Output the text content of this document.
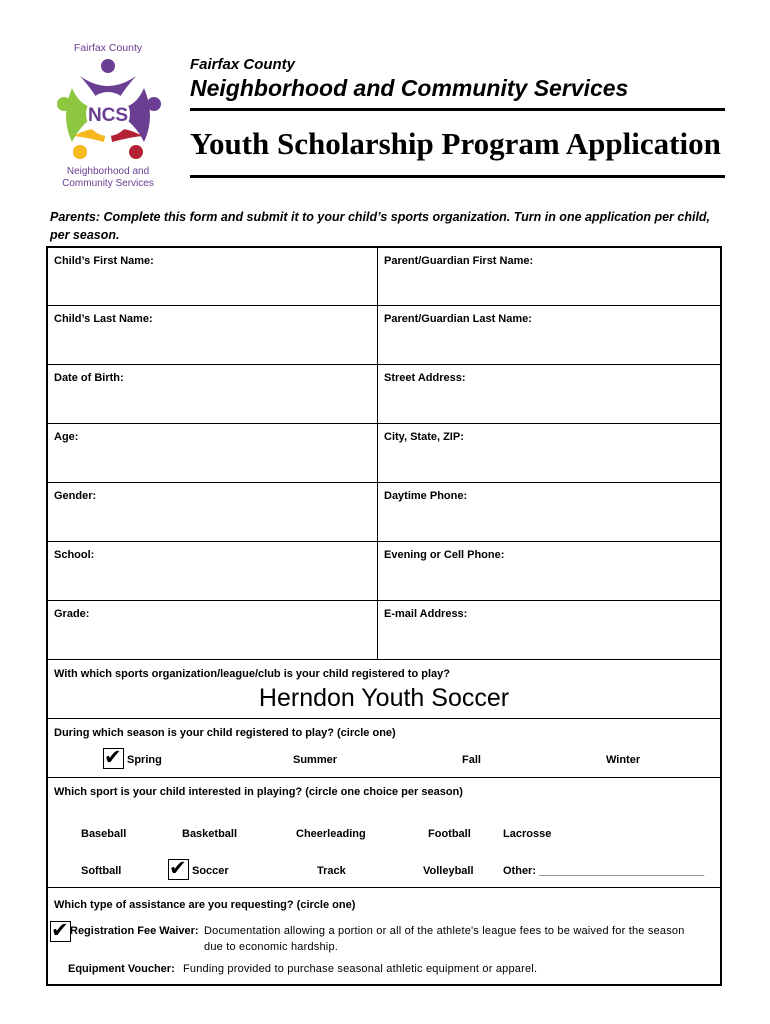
Fairfax County
NCS
Neighborhood and Community Services
Fairfax County
Neighborhood and Community Services
Youth Scholarship Program Application
Parents: Complete this form and submit it to your child’s sports organization. Turn in one application per child, per season.
Child’s First Name:	Parent/Guardian First Name:
Child’s Last Name:	Parent/Guardian Last Name:
Date of Birth:	Street Address:
Age:	City, State, ZIP:
Gender:	Daytime Phone:
School:	Evening or Cell Phone:
Grade:	E-mail Address:
With which sports organization/league/club is your child registered to play?
Herndon Youth Soccer
During which season is your child registered to play? (circle one)
✔ Spring	Summer	Fall	Winter
Which sport is your child interested in playing? (circle one choice per season)
Baseball	Basketball	Cheerleading	Football	Lacrosse
Softball ✔ Soccer	Track	Volleyball	Other: ___________________________
Which type of assistance are you requesting? (circle one)
✔ Registration Fee Waiver: Documentation allowing a portion or all of the athlete's league fees to be waived for the season
due to economic hardship.
Equipment Voucher: Funding provided to purchase seasonal athletic equipment or apparel.
